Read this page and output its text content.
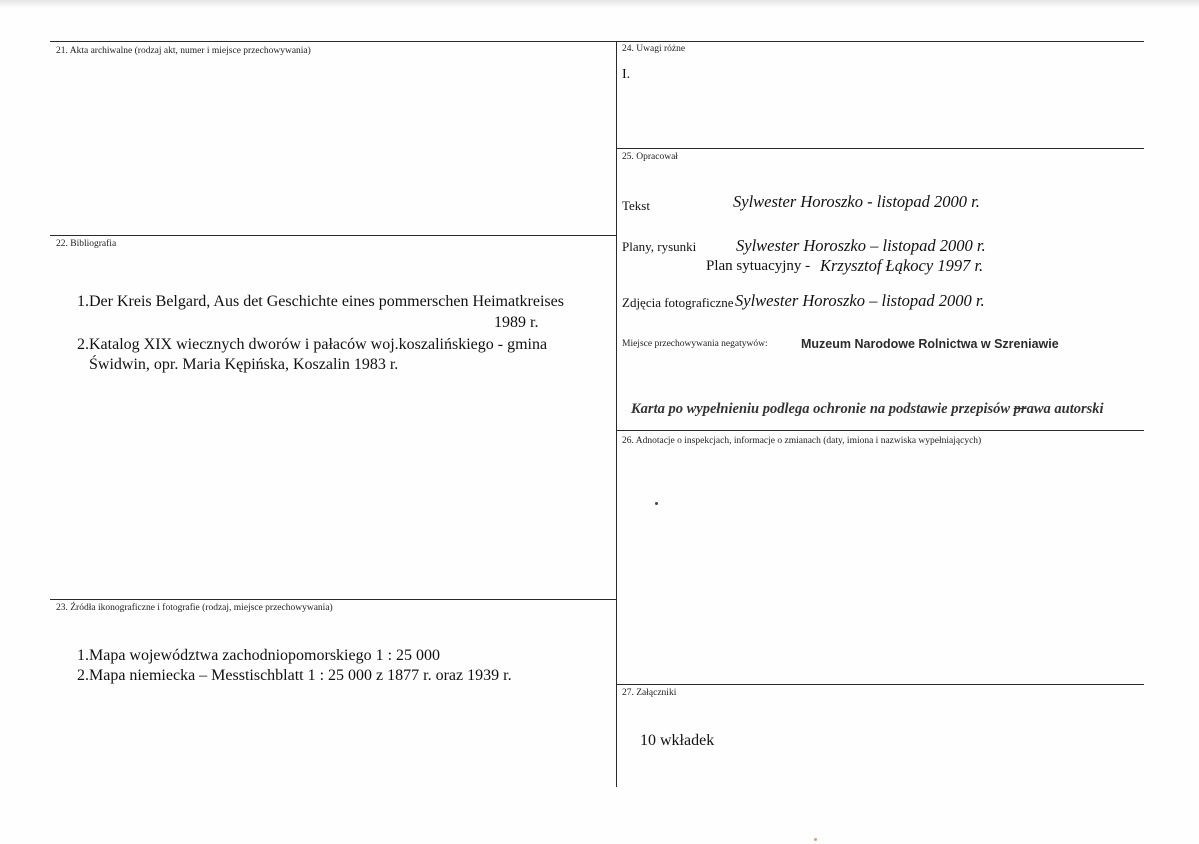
21. Akta archiwalne (rodzaj akt, numer i miejsce przechowywania)
22. Bibliografia
1.Der Kreis Belgard, Aus det Geschichte eines pommerschen Heimatkreises
1989 r.
2.Katalog XIX wiecznych dworów i pałaców woj.koszalińskiego - gmina
Świdwin, opr. Maria Kępińska, Koszalin 1983 r.
23. Źródła ikonograficzne i fotografie (rodzaj, miejsce przechowywania)
1.Mapa województwa zachodniopomorskiego 1 : 25 000
2.Mapa niemiecka – Messtischblatt 1 : 25 000 z 1877 r. oraz 1939 r.
24. Uwagi różne
I.
25. Opracował
Tekst	Sylwester Horoszko - listopad 2000 r.
Plany, rysunki Sylwester Horoszko – listopad 2000 r.
Plan sytuacyjny - Krzysztof Łąkocy 1997 r.
Zdjęcia fotograficzne Sylwester Horoszko – listopad 2000 r.
Miejsce przechowywania negatywów:	Muzeum Narodowe Rolnictwa w Szreniawie
Karta po wypełnieniu podlega ochronie na podstawie przepisów prawa autorski
26. Adnotacje o inspekcjach, informacje o zmianach (daty, imiona i nazwiska wypełniających)
27. Załączniki
10 wkładek
